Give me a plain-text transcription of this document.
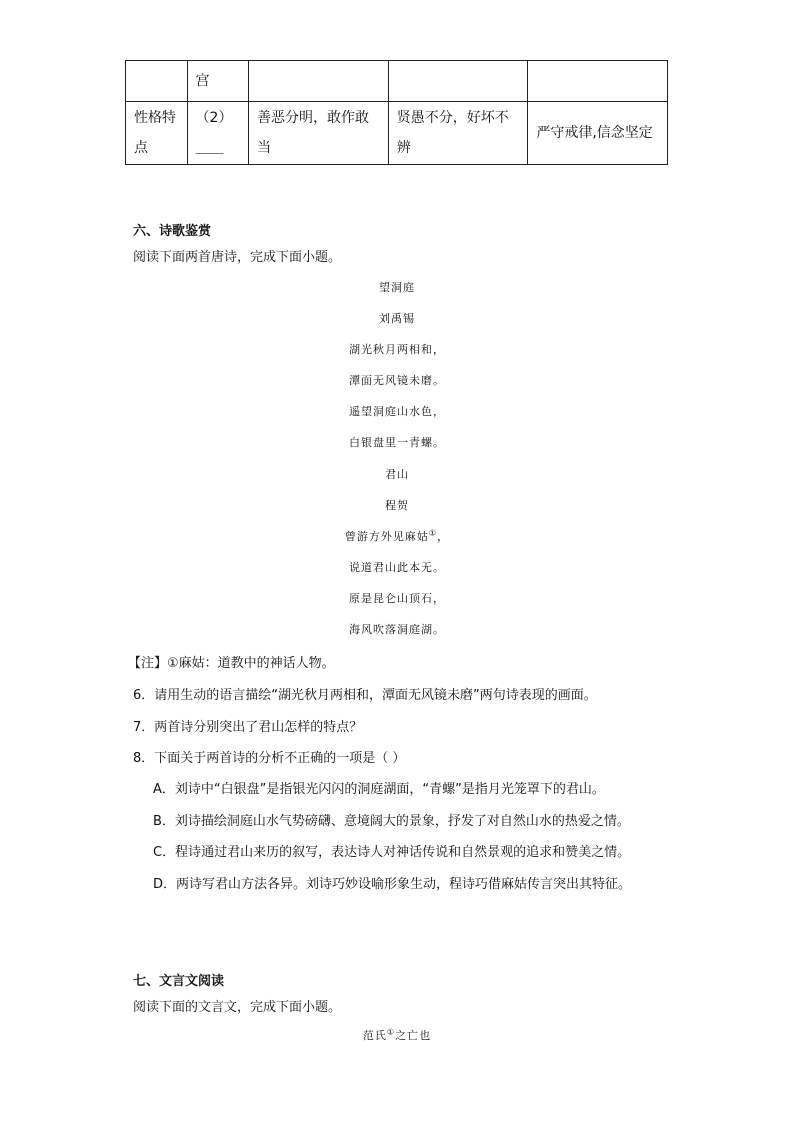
	宫			
性格特点	（2）＿＿	善恶分明，敢作敢当	贤愚不分，好坏不辨	严守戒律,信念坚定
六、诗歌鉴赏
阅读下面两首唐诗，完成下面小题。
望洞庭
刘禹锡
湖光秋月两相和，
潭面无风镜未磨。
遥望洞庭山水色，
白银盘里一青螺。
君山
程贺
曾游方外见麻姑①，
说道君山此本无。
原是昆仑山顶石，
海风吹落洞庭湖。
【注】①麻姑：道教中的神话人物。
6．请用生动的语言描绘“湖光秋月两相和，潭面无风镜未磨”两句诗表现的画面。
7．两首诗分别突出了君山怎样的特点？
8．下面关于两首诗的分析不正确的一项是（ ）
A．刘诗中“白银盘”是指银光闪闪的洞庭湖面，“青螺”是指月光笼罩下的君山。
B．刘诗描绘洞庭山水气势磅礴、意境阔大的景象，抒发了对自然山水的热爱之情。
C．程诗通过君山来历的叙写，表达诗人对神话传说和自然景观的追求和赞美之情。
D．两诗写君山方法各异。刘诗巧妙设喻形象生动，程诗巧借麻姑传言突出其特征。
七、文言文阅读
阅读下面的文言文，完成下面小题。
范氏①之亡也
